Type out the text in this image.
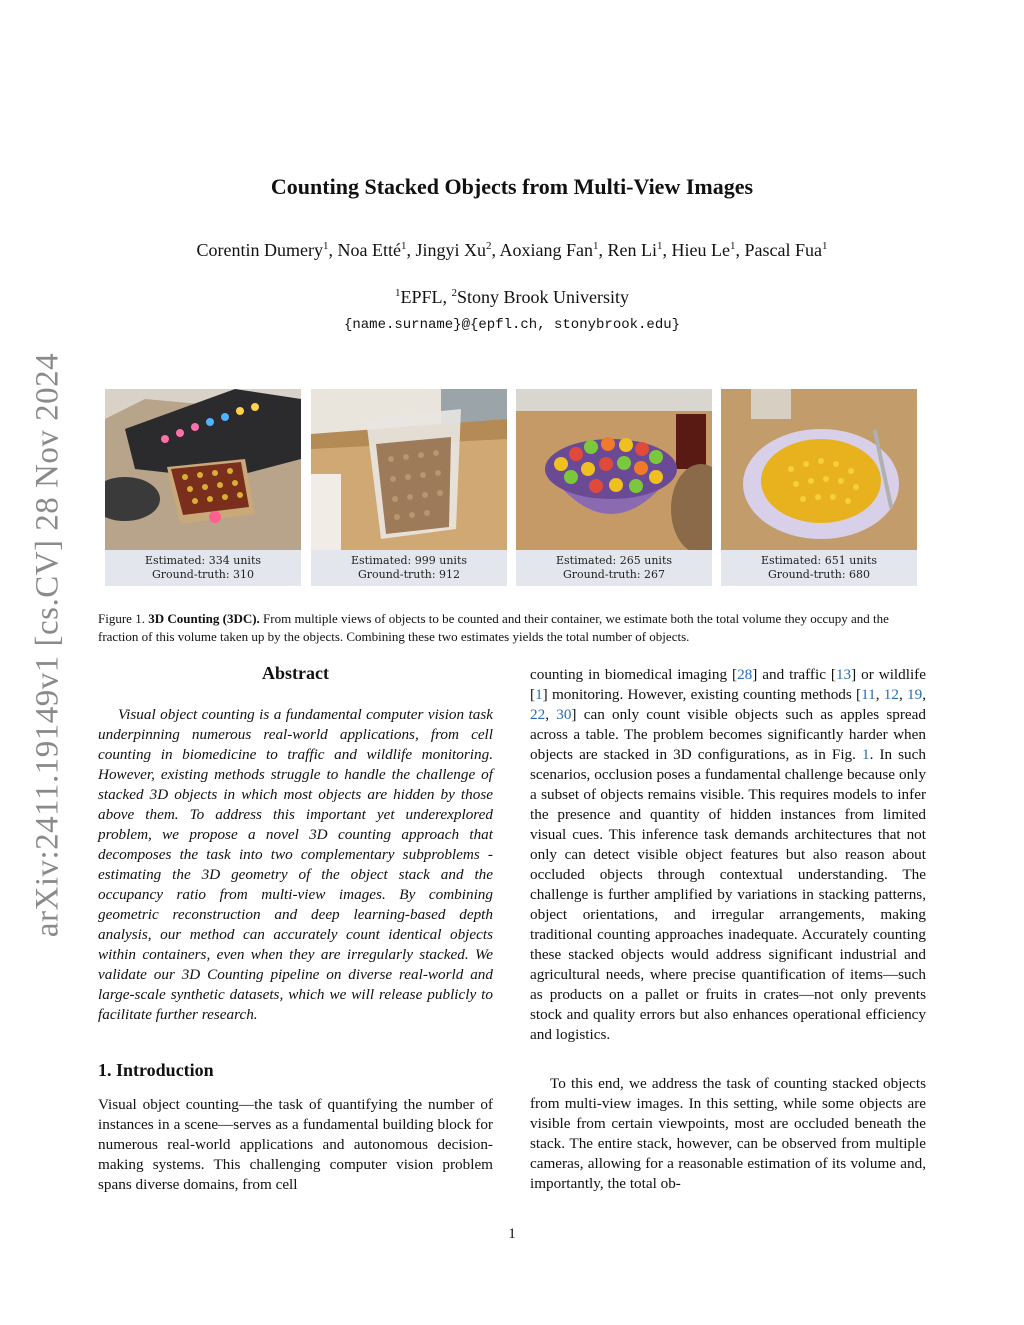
arXiv:2411.19149v1 [cs.CV] 28 Nov 2024
Counting Stacked Objects from Multi-View Images
Corentin Dumery$^1$, Noa Etté$^1$, Jingyi Xu$^2$, Aoxiang Fan$^1$, Ren Li$^1$, Hieu Le$^1$, Pascal Fua$^1$
$^1$EPFL, $^2$Stony Brook University
{name.surname}@{epfl.ch, stonybrook.edu}
Estimated: 334 units
Ground-truth: 310
Estimated: 999 units
Ground-truth: 912
Estimated: 265 units
Ground-truth: 267
Estimated: 651 units
Ground-truth: 680
Figure 1. 3D Counting (3DC). From multiple views of objects to be counted and their container, we estimate both the total volume they occupy and the fraction of this volume taken up by the objects. Combining these two estimates yields the total number of objects.
Abstract

Visual object counting is a fundamental computer vision task underpinning numerous real-world applications, from cell counting in biomedicine to traffic and wildlife monitoring. However, existing methods struggle to handle the challenge of stacked 3D objects in which most objects are hidden by those above them. To address this important yet underexplored problem, we propose a novel 3D counting approach that decomposes the task into two complementary subproblems - estimating the 3D geometry of the object stack and the occupancy ratio from multi-view images. By combining geometric reconstruction and deep learning-based depth analysis, our method can accurately count identical objects within containers, even when they are irregularly stacked. We validate our 3D Counting pipeline on diverse real-world and large-scale synthetic datasets, which we will release publicly to facilitate further research.

1. Introduction

Visual object counting—the task of quantifying the number of instances in a scene—serves as a fundamental building block for numerous real-world applications and autonomous decision-making systems. This challenging computer vision problem spans diverse domains, from cell

counting in biomedical imaging [28] and traffic [13] or wildlife [1] monitoring. However, existing counting methods [11, 12, 19, 22, 30] can only count visible objects such as apples spread across a table. The problem becomes significantly harder when objects are stacked in 3D configurations, as in Fig. 1. In such scenarios, occlusion poses a fundamental challenge because only a subset of objects remains visible. This requires models to infer the presence and quantity of hidden instances from limited visual cues. This inference task demands architectures that not only can detect visible object features but also reason about occluded objects through contextual understanding. The challenge is further amplified by variations in stacking patterns, object orientations, and irregular arrangements, making traditional counting approaches inadequate. Accurately counting these stacked objects would address significant industrial and agricultural needs, where precise quantification of items—such as products on a pallet or fruits in crates—not only prevents stock and quality errors but also enhances operational efficiency and logistics.

To this end, we address the task of counting stacked objects from multi-view images. In this setting, while some objects are visible from certain viewpoints, most are occluded beneath the stack. The entire stack, however, can be observed from multiple cameras, allowing for a reasonable estimation of its volume and, importantly, the total ob-

1
